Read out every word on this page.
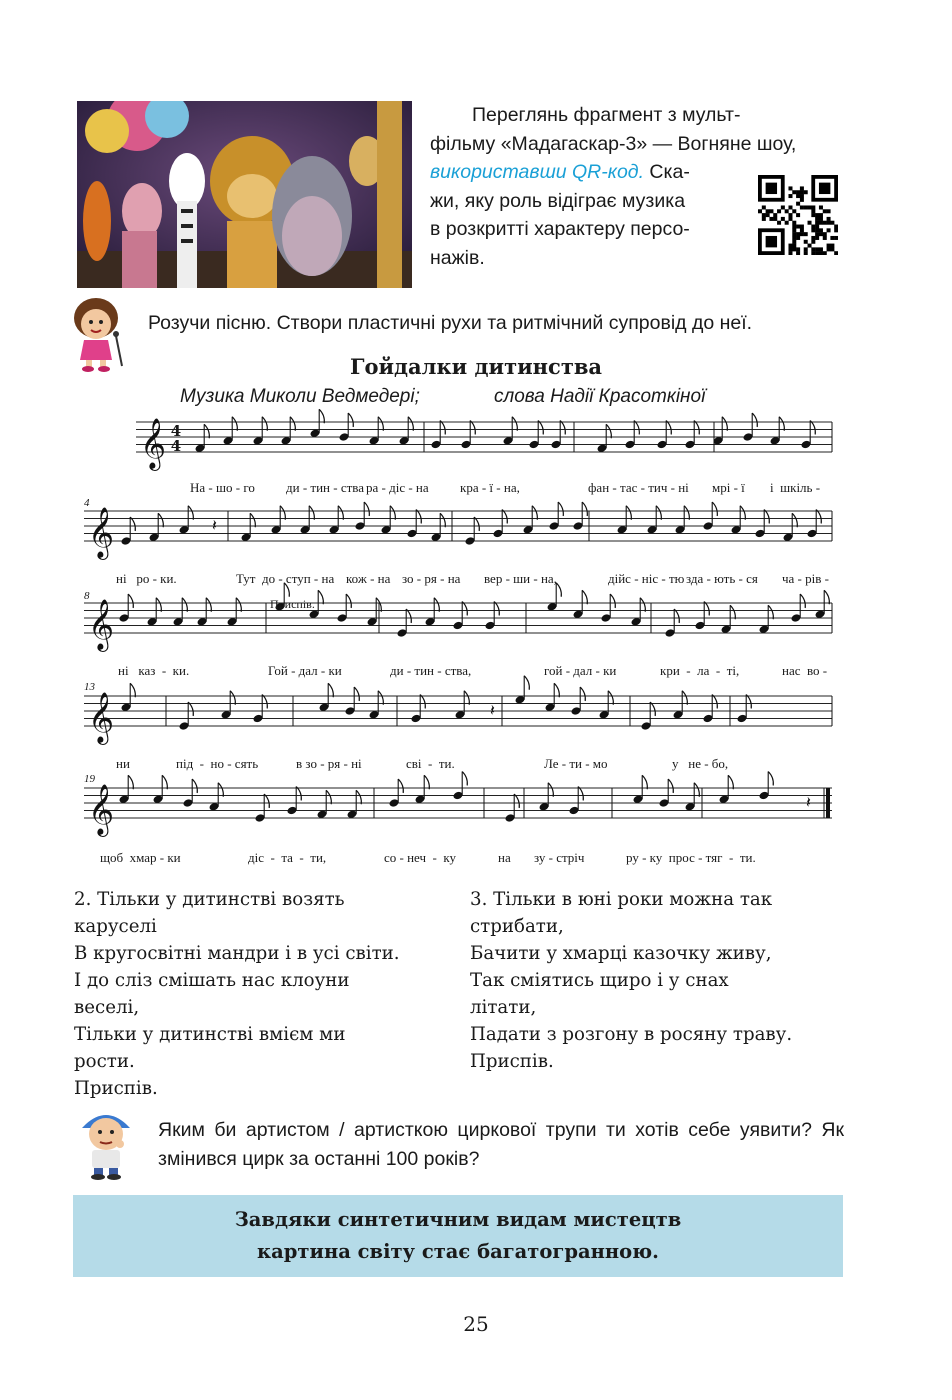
Переглянь фрагмент з мульт-
фільму «Мадагаскар-3» — Вогняне шоу,
використавши QR-код. Ска-
жи, яку роль відіграє музика
в розкритті характеру персо-
нажів.
Розучи пісню. Створи пластичні рухи та ритмічний супровід до неї.
Гойдалки дитинства
Музика Миколи Ведмедері;	слова Надії Красоткіної
𝄞
𝄞	𝄽
𝄞
𝄞	𝄽
𝄞	𝄽
4
4
4
8
13
19
Приспів.
На - шо - го ди - тин - ства ра - діс - на кра - ї - на,	фан - тас - тич - ні мрі - ї і  шкіль -
ні   ро - ки.	Тут  до - ступ - на кож - на зо - ря - на вер - ши - на,	дійс - ніс - тю зда - ють - ся ча - рів -
ні   каз  -  ки.	Гой - дал - ки	ди - тин - ства,	гой - дал - ки	кри  -  ла  -  ті,	нас  во -
ни	під  -  но - сять	в зо - ря - ні	сві  -  ти.	Ле - ти - мо	у   не - бо,
щоб  хмар - ки	діс  -  та  -  ти,	со - неч  -  ку	на зу - стріч	ру - ку  прос - тяг  -  ти.
2. Тільки у дитинстві возять
каруселі
В кругосвітні мандри і в усі світи.
І до сліз смішать нас клоуни
веселі,
Тільки у дитинстві вмієм ми
рости.
Приспів.
3. Тільки в юні роки можна так
стрибати,
Бачити у хмарці казочку живу,
Так сміятись щиро і у снах
літати,
Падати з розгону в росяну траву.
Приспів.
Яким би артистом / артисткою циркової трупи ти хотів себе уявити? Як змінився цирк за останні 100 років?
Завдяки синтетичним видам мистецтв
картина світу стає багатогранною.
25
